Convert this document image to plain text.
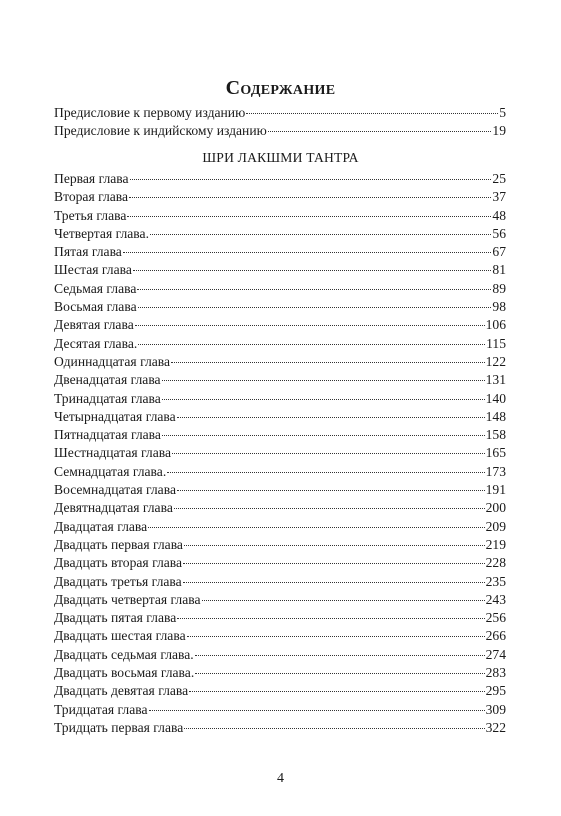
Содержание
Предисловие к первому изданию	5
Предисловие к индийскому изданию	19
ШРИ ЛАКШМИ ТАНТРА
Первая глава	25
Вторая глава	37
Третья глава	48
Четвертая глава.	56
Пятая глава	67
Шестая глава	81
Седьмая глава	89
Восьмая глава	98
Девятая глава	106
Десятая глава.	115
Одиннадцатая глава	122
Двенадцатая глава	131
Тринадцатая глава	140
Четырнадцатая глава	148
Пятнадцатая глава	158
Шестнадцатая глава	165
Семнадцатая глава.	173
Восемнадцатая глава	191
Девятнадцатая глава	200
Двадцатая глава	209
Двадцать первая глава	219
Двадцать вторая глава	228
Двадцать третья глава	235
Двадцать четвертая глава	243
Двадцать пятая глава	256
Двадцать шестая глава	266
Двадцать седьмая глава.	274
Двадцать восьмая глава.	283
Двадцать девятая глава	295
Тридцатая глава	309
Тридцать первая глава	322
4
